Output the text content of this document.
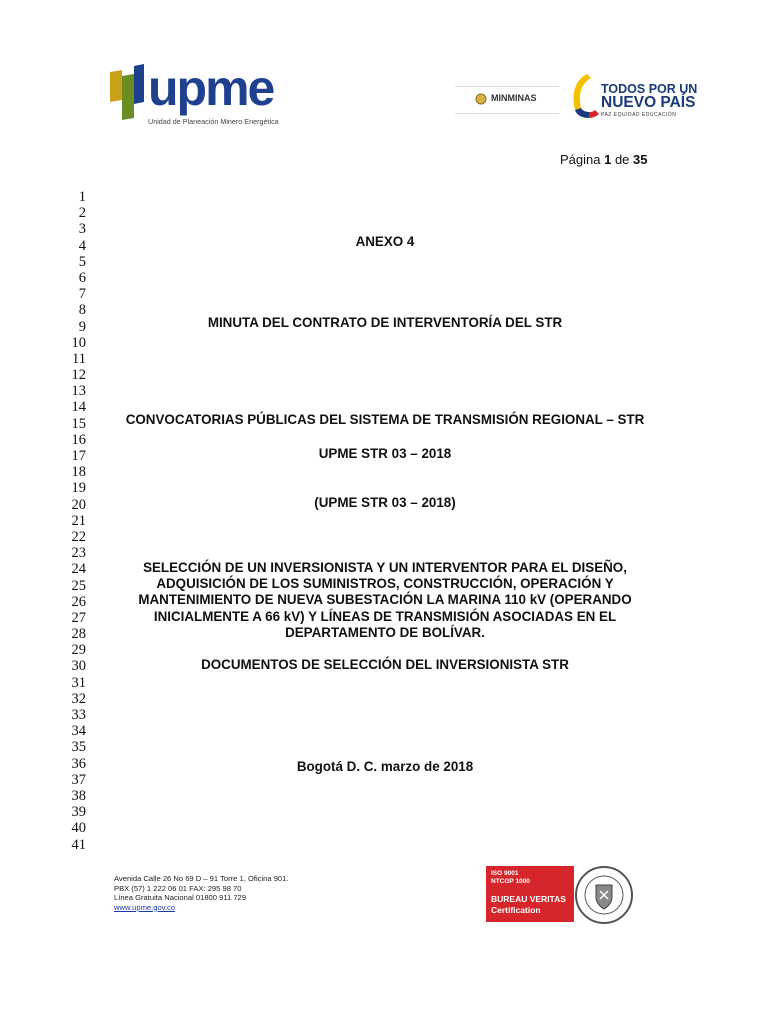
upme
Unidad de Planeación Minero Energética
MINMINAS
TODOS POR UN
NUEVO PAÍS
PAZ EQUIDAD EDUCACIÓN
Página 1 de 35
1
2
3
4
5
6
7
8
9
10
11
12
13
14
15
16
17
18
19
20
21
22
23
24
25
26
27
28
29
30
31
32
33
34
35
36
37
38
39
40
41
ANEXO 4
MINUTA DEL CONTRATO DE INTERVENTORÍA DEL STR
CONVOCATORIAS PÚBLICAS DEL SISTEMA DE TRANSMISIÓN REGIONAL – STR
UPME STR 03 – 2018
(UPME STR 03 – 2018)
SELECCIÓN DE UN INVERSIONISTA Y UN INTERVENTOR PARA EL DISEÑO, ADQUISICIÓN DE LOS SUMINISTROS, CONSTRUCCIÓN, OPERACIÓN Y MANTENIMIENTO DE NUEVA SUBESTACIÓN LA MARINA 110 kV (OPERANDO INICIALMENTE A 66 kV) Y LÍNEAS DE TRANSMISIÓN ASOCIADAS EN EL DEPARTAMENTO DE BOLÍVAR.
DOCUMENTOS DE SELECCIÓN DEL INVERSIONISTA STR
Bogotá D. C. marzo de 2018
Avenida Calle 26 No 69 D – 91 Torre 1, Oficina 901.
PBX (57) 1 222 06 01 FAX: 295 98 70
Línea Gratuita Nacional 01800 911 729
www.upme.gov.co
ISO 9001
NTCGP 1000
BUREAU VERITAS
Certification
